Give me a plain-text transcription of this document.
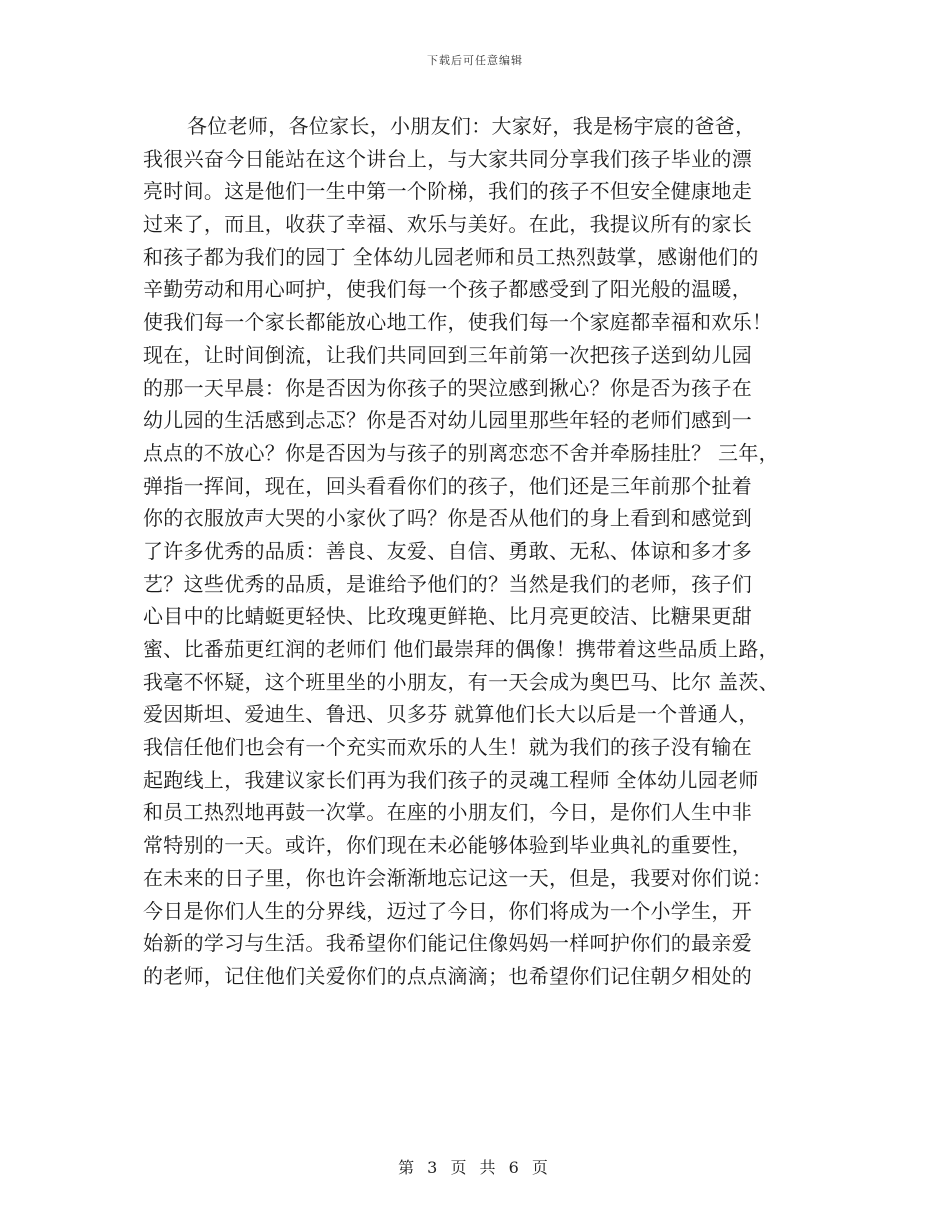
下载后可任意编辑
各位老师，各位家长，小朋友们：大家好，我是杨宇宸的爸爸，
我很兴奋今日能站在这个讲台上，与大家共同分享我们孩子毕业的漂
亮时间。这是他们一生中第一个阶梯，我们的孩子不但安全健康地走
过来了，而且，收获了幸福、欢乐与美好。在此，我提议所有的家长
和孩子都为我们的园丁 全体幼儿园老师和员工热烈鼓掌，感谢他们的
辛勤劳动和用心呵护，使我们每一个孩子都感受到了阳光般的温暖，
使我们每一个家长都能放心地工作，使我们每一个家庭都幸福和欢乐！
现在，让时间倒流，让我们共同回到三年前第一次把孩子送到幼儿园
的那一天早晨：你是否因为你孩子的哭泣感到揪心？你是否为孩子在
幼儿园的生活感到忐忑？你是否对幼儿园里那些年轻的老师们感到一
点点的不放心？你是否因为与孩子的别离恋恋不舍并牵肠挂肚？ 三年，
弹指一挥间，现在，回头看看你们的孩子，他们还是三年前那个扯着
你的衣服放声大哭的小家伙了吗？你是否从他们的身上看到和感觉到
了许多优秀的品质：善良、友爱、自信、勇敢、无私、体谅和多才多
艺？这些优秀的品质，是谁给予他们的？当然是我们的老师，孩子们
心目中的比蜻蜓更轻快、比玫瑰更鲜艳、比月亮更皎洁、比糖果更甜
蜜、比番茄更红润的老师们 他们最崇拜的偶像！携带着这些品质上路，
我毫不怀疑，这个班里坐的小朋友，有一天会成为奥巴马、比尔 盖茨、
爱因斯坦、爱迪生、鲁迅、贝多芬 就算他们长大以后是一个普通人，
我信任他们也会有一个充实而欢乐的人生！就为我们的孩子没有输在
起跑线上，我建议家长们再为我们孩子的灵魂工程师 全体幼儿园老师
和员工热烈地再鼓一次掌。在座的小朋友们，今日，是你们人生中非
常特别的一天。或许，你们现在未必能够体验到毕业典礼的重要性，
在未来的日子里，你也许会渐渐地忘记这一天，但是，我要对你们说：
今日是你们人生的分界线，迈过了今日，你们将成为一个小学生，开
始新的学习与生活。我希望你们能记住像妈妈一样呵护你们的最亲爱
的老师，记住他们关爱你们的点点滴滴；也希望你们记住朝夕相处的
第 3 页 共 6 页
